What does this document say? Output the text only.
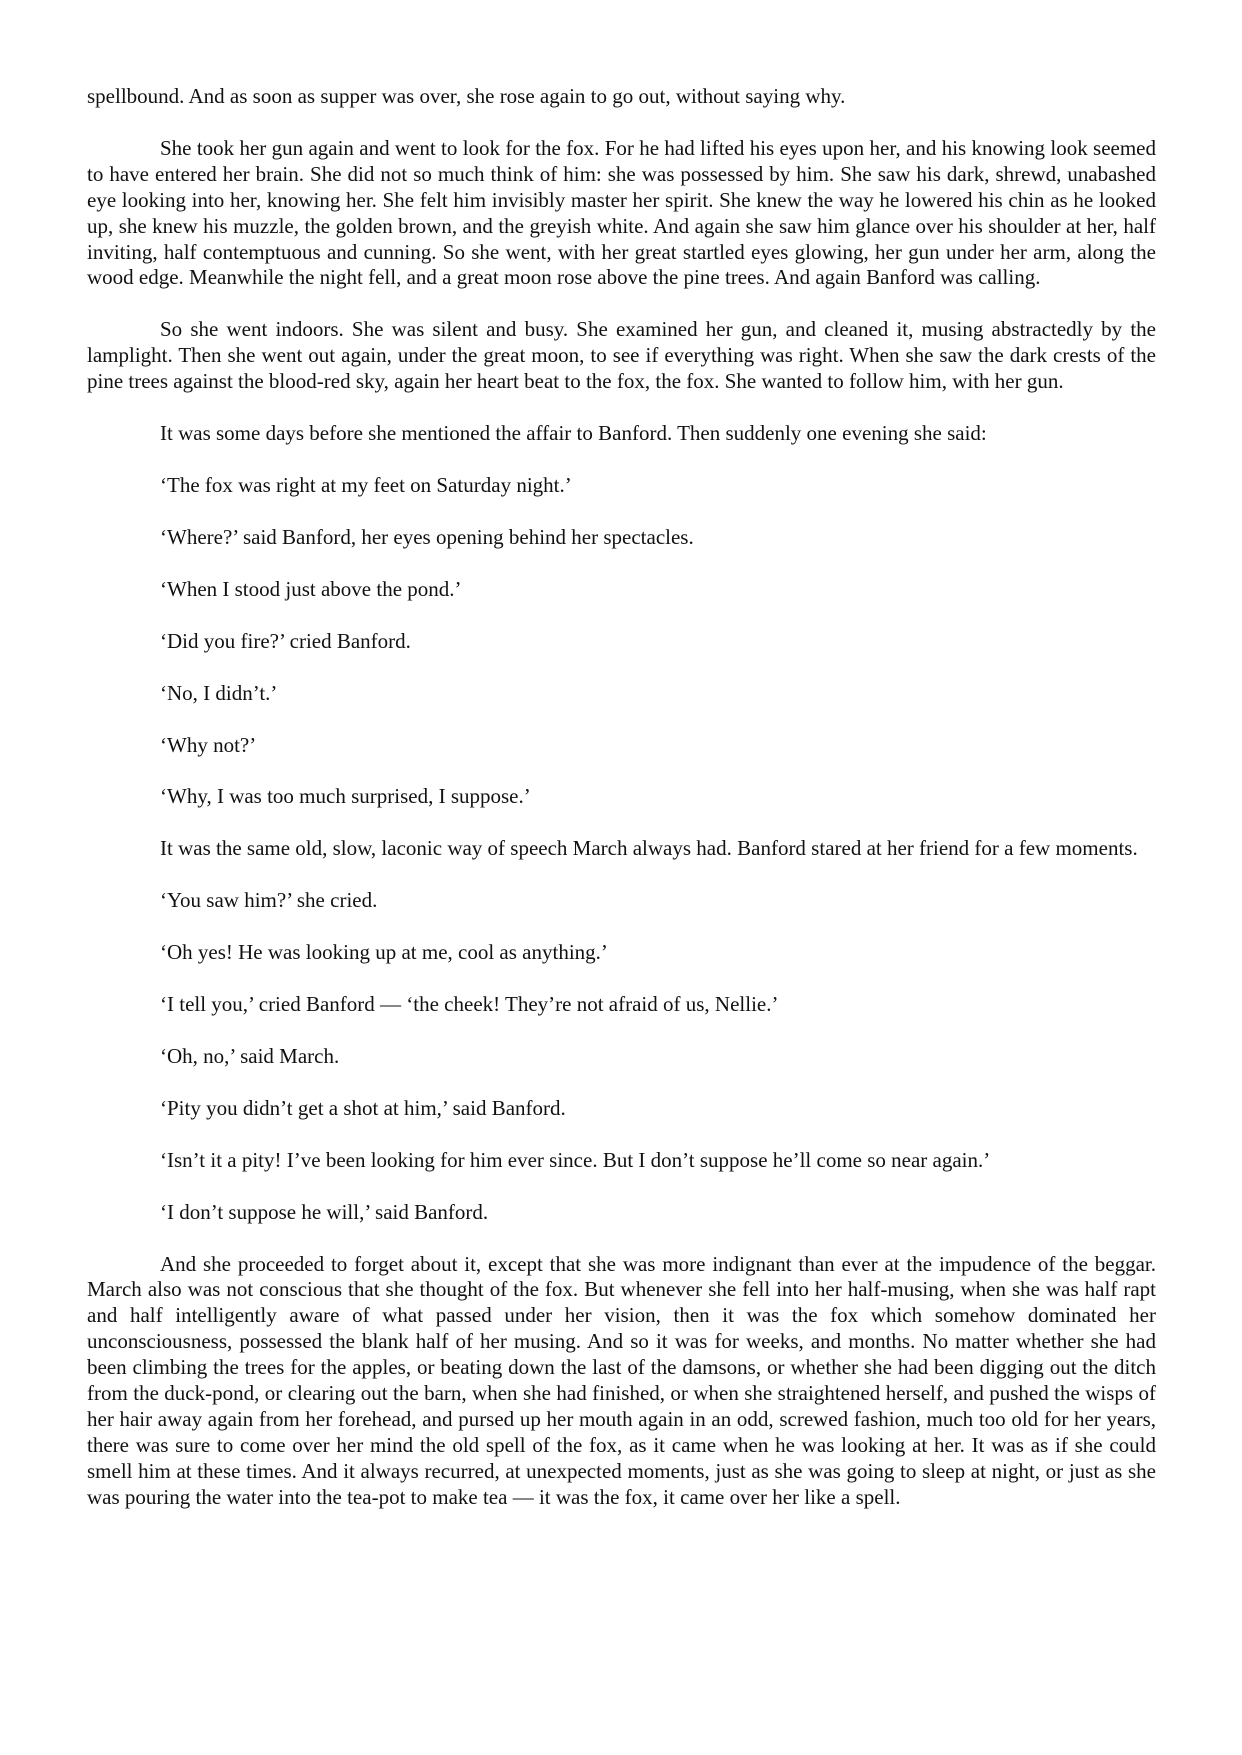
spellbound. And as soon as supper was over, she rose again to go out, without saying why.

She took her gun again and went to look for the fox. For he had lifted his eyes upon her, and his knowing look seemed to have entered her brain. She did not so much think of him: she was possessed by him. She saw his dark, shrewd, unabashed eye looking into her, knowing her. She felt him invisibly master her spirit. She knew the way he lowered his chin as he looked up, she knew his muzzle, the golden brown, and the greyish white. And again she saw him glance over his shoulder at her, half inviting, half contemptuous and cunning. So she went, with her great startled eyes glowing, her gun under her arm, along the wood edge. Meanwhile the night fell, and a great moon rose above the pine trees. And again Banford was calling.

So she went indoors. She was silent and busy. She examined her gun, and cleaned it, musing abstractedly by the lamplight. Then she went out again, under the great moon, to see if everything was right. When she saw the dark crests of the pine trees against the blood-red sky, again her heart beat to the fox, the fox. She wanted to follow him, with her gun.

It was some days before she mentioned the affair to Banford. Then suddenly one evening she said:

‘The fox was right at my feet on Saturday night.’

‘Where?’ said Banford, her eyes opening behind her spectacles.

‘When I stood just above the pond.’

‘Did you fire?’ cried Banford.

‘No, I didn’t.’

‘Why not?’

‘Why, I was too much surprised, I suppose.’

It was the same old, slow, laconic way of speech March always had. Banford stared at her friend for a few moments.

‘You saw him?’ she cried.

‘Oh yes! He was looking up at me, cool as anything.’

‘I tell you,’ cried Banford — ‘the cheek! They’re not afraid of us, Nellie.’

‘Oh, no,’ said March.

‘Pity you didn’t get a shot at him,’ said Banford.

‘Isn’t it a pity! I’ve been looking for him ever since. But I don’t suppose he’ll come so near again.’

‘I don’t suppose he will,’ said Banford.

And she proceeded to forget about it, except that she was more indignant than ever at the impudence of the beggar. March also was not conscious that she thought of the fox. But whenever she fell into her half-musing, when she was half rapt and half intelligently aware of what passed under her vision, then it was the fox which somehow dominated her unconsciousness, possessed the blank half of her musing. And so it was for weeks, and months. No matter whether she had been climbing the trees for the apples, or beating down the last of the damsons, or whether she had been digging out the ditch from the duck-pond, or clearing out the barn, when she had finished, or when she straightened herself, and pushed the wisps of her hair away again from her forehead, and pursed up her mouth again in an odd, screwed fashion, much too old for her years, there was sure to come over her mind the old spell of the fox, as it came when he was looking at her. It was as if she could smell him at these times. And it always recurred, at unexpected moments, just as she was going to sleep at night, or just as she was pouring the water into the tea-pot to make tea — it was the fox, it came over her like a spell.
